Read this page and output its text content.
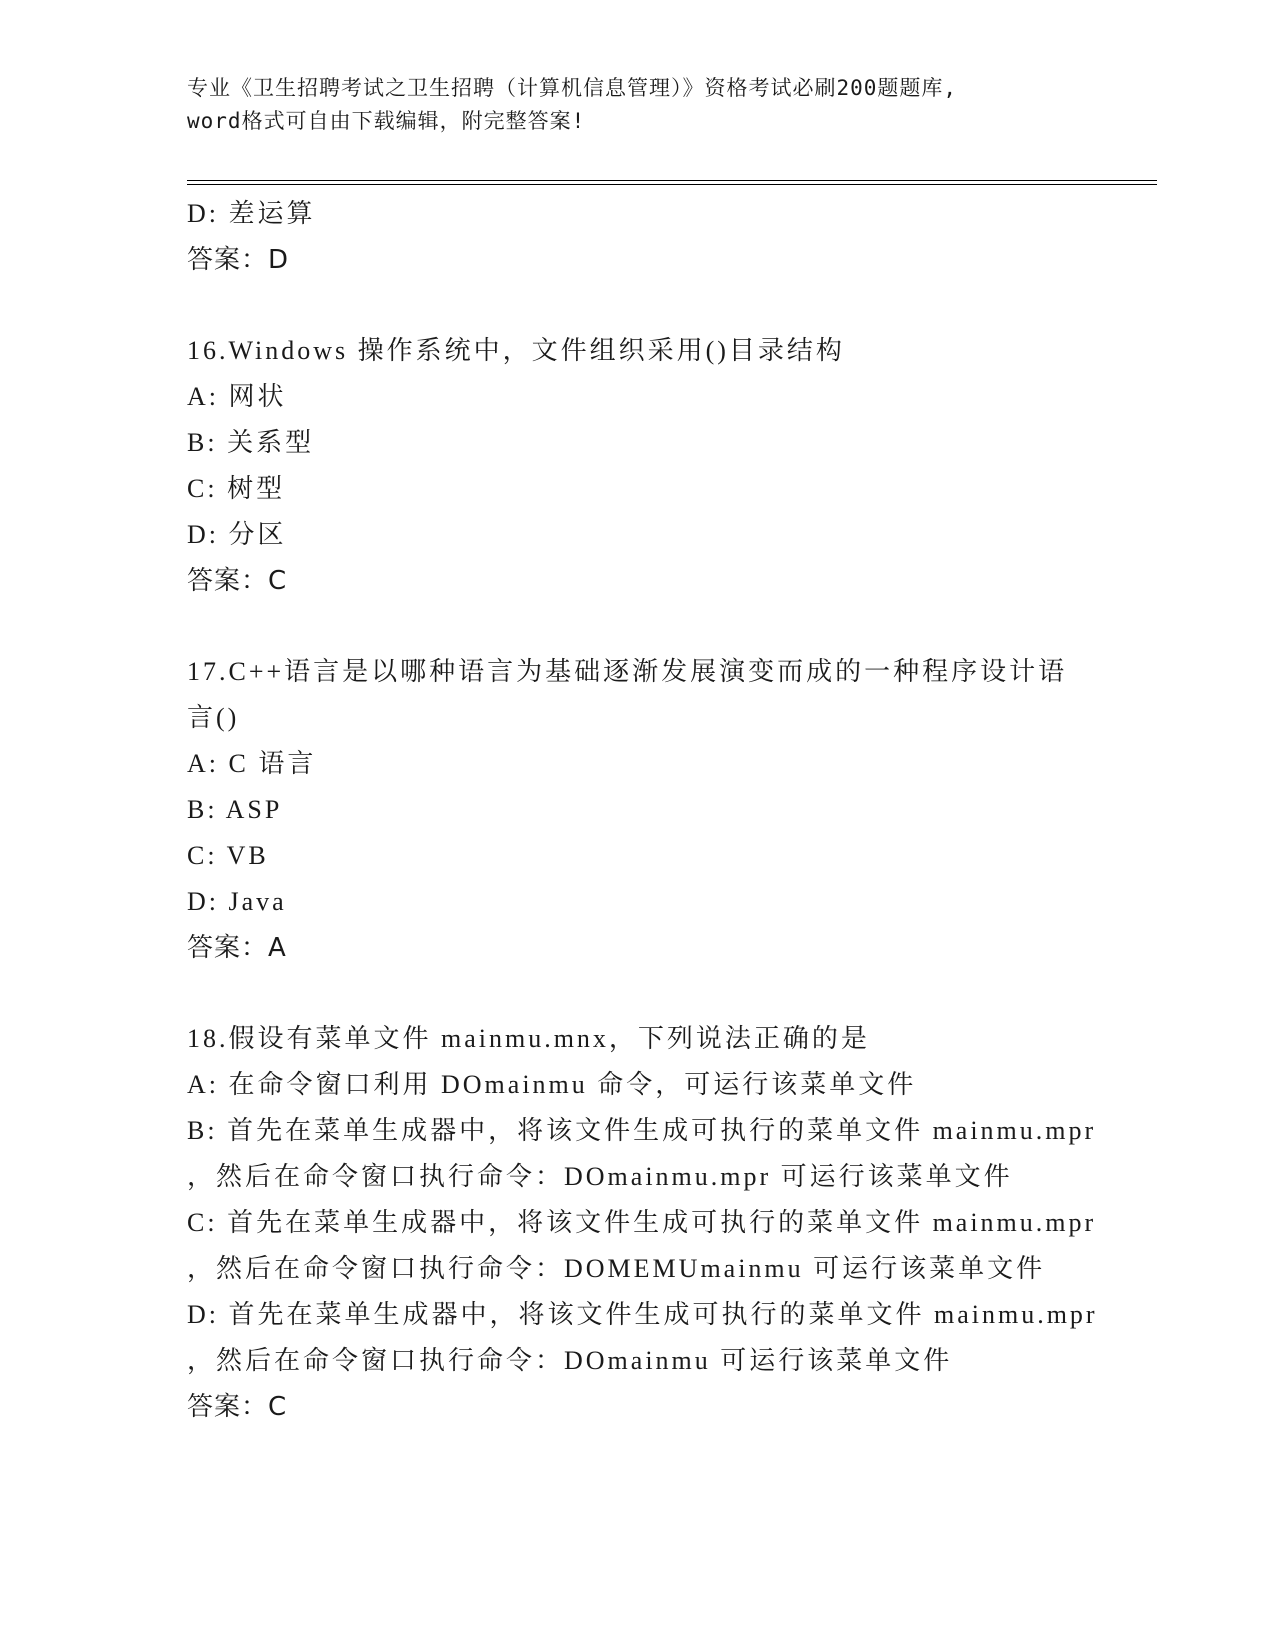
专业《卫生招聘考试之卫生招聘（计算机信息管理）》资格考试必刷200题题库,
word格式可自由下载编辑，附完整答案!
D: 差运算
答案：D
16.Windows 操作系统中，文件组织采用()目录结构
A: 网状
B: 关系型
C: 树型
D: 分区
答案：C
17.C++语言是以哪种语言为基础逐渐发展演变而成的一种程序设计语
言()
A: C 语言
B: ASP
C: VB
D: Java
答案：A
18.假设有菜单文件 mainmu.mnx，下列说法正确的是
A: 在命令窗口利用 DOmainmu 命令，可运行该菜单文件
B: 首先在菜单生成器中，将该文件生成可执行的菜单文件 mainmu.mpr
，然后在命令窗口执行命令：DOmainmu.mpr 可运行该菜单文件
C: 首先在菜单生成器中，将该文件生成可执行的菜单文件 mainmu.mpr
，然后在命令窗口执行命令：DOMEMUmainmu 可运行该菜单文件
D: 首先在菜单生成器中，将该文件生成可执行的菜单文件 mainmu.mpr
，然后在命令窗口执行命令：DOmainmu 可运行该菜单文件
答案：C
